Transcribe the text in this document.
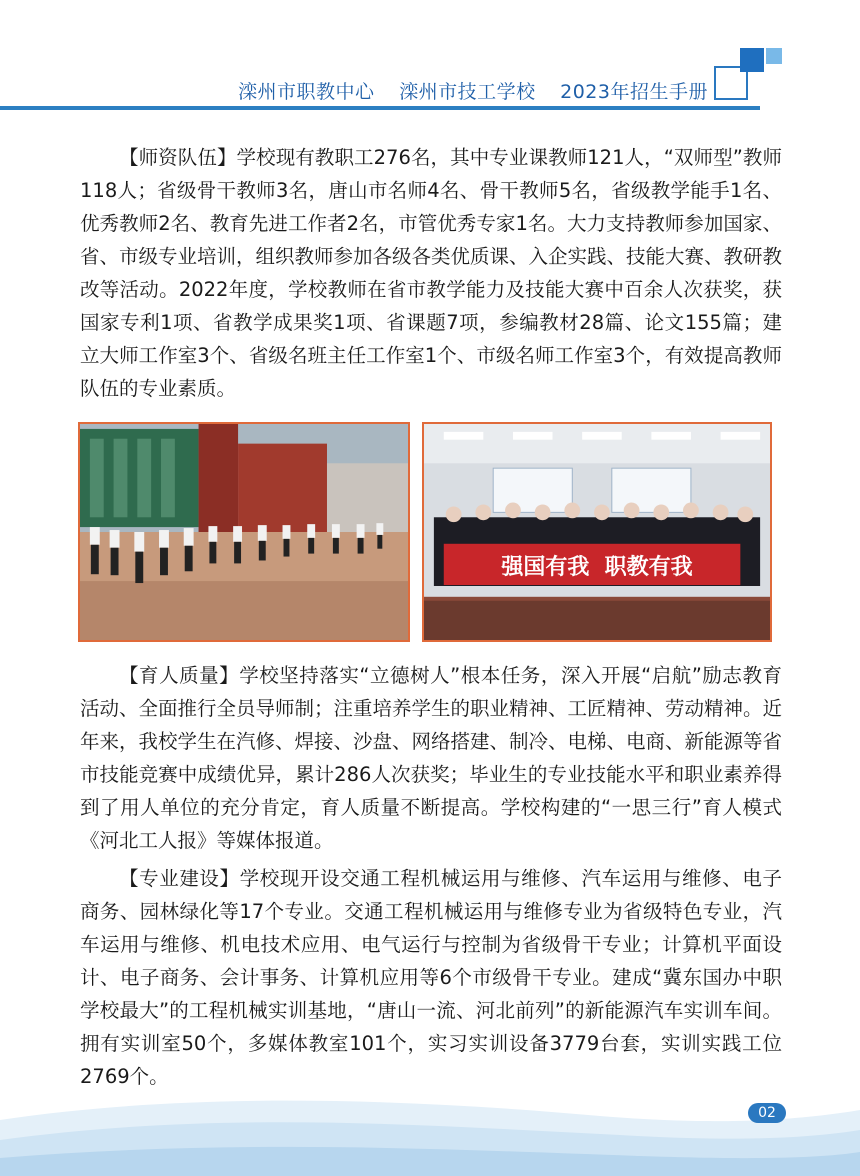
滦州市职教中心 滦州市技工学校 2023年招生手册

【师资队伍】学校现有教职工276名，其中专业课教师121人，“双师型”教师118人；省级骨干教师3名，唐山市名师4名、骨干教师5名，省级教学能手1名、优秀教师2名、教育先进工作者2名，市管优秀专家1名。大力支持教师参加国家、省、市级专业培训，组织教师参加各级各类优质课、入企实践、技能大赛、教研教改等活动。2022年度，学校教师在省市教学能力及技能大赛中百余人次获奖，获国家专利1项、省教学成果奖1项、省课题7项，参编教材28篇、论文155篇；建立大师工作室3个、省级名班主任工作室1个、市级名师工作室3个，有效提高教师队伍的专业素质。

强国有我  职教有我

【育人质量】学校坚持落实“立德树人”根本任务，深入开展“启航”励志教育活动、全面推行全员导师制；注重培养学生的职业精神、工匠精神、劳动精神。近年来，我校学生在汽修、焊接、沙盘、网络搭建、制冷、电梯、电商、新能源等省市技能竞赛中成绩优异，累计286人次获奖；毕业生的专业技能水平和职业素养得到了用人单位的充分肯定，育人质量不断提高。学校构建的“一思三行”育人模式《河北工人报》等媒体报道。

【专业建设】学校现开设交通工程机械运用与维修、汽车运用与维修、电子商务、园林绿化等17个专业。交通工程机械运用与维修专业为省级特色专业，汽车运用与维修、机电技术应用、电气运行与控制为省级骨干专业；计算机平面设计、电子商务、会计事务、计算机应用等6个市级骨干专业。建成“冀东国办中职学校最大”的工程机械实训基地，“唐山一流、河北前列”的新能源汽车实训车间。拥有实训室50个，多媒体教室101个，实习实训设备3779台套，实训实践工位2769个。

02
